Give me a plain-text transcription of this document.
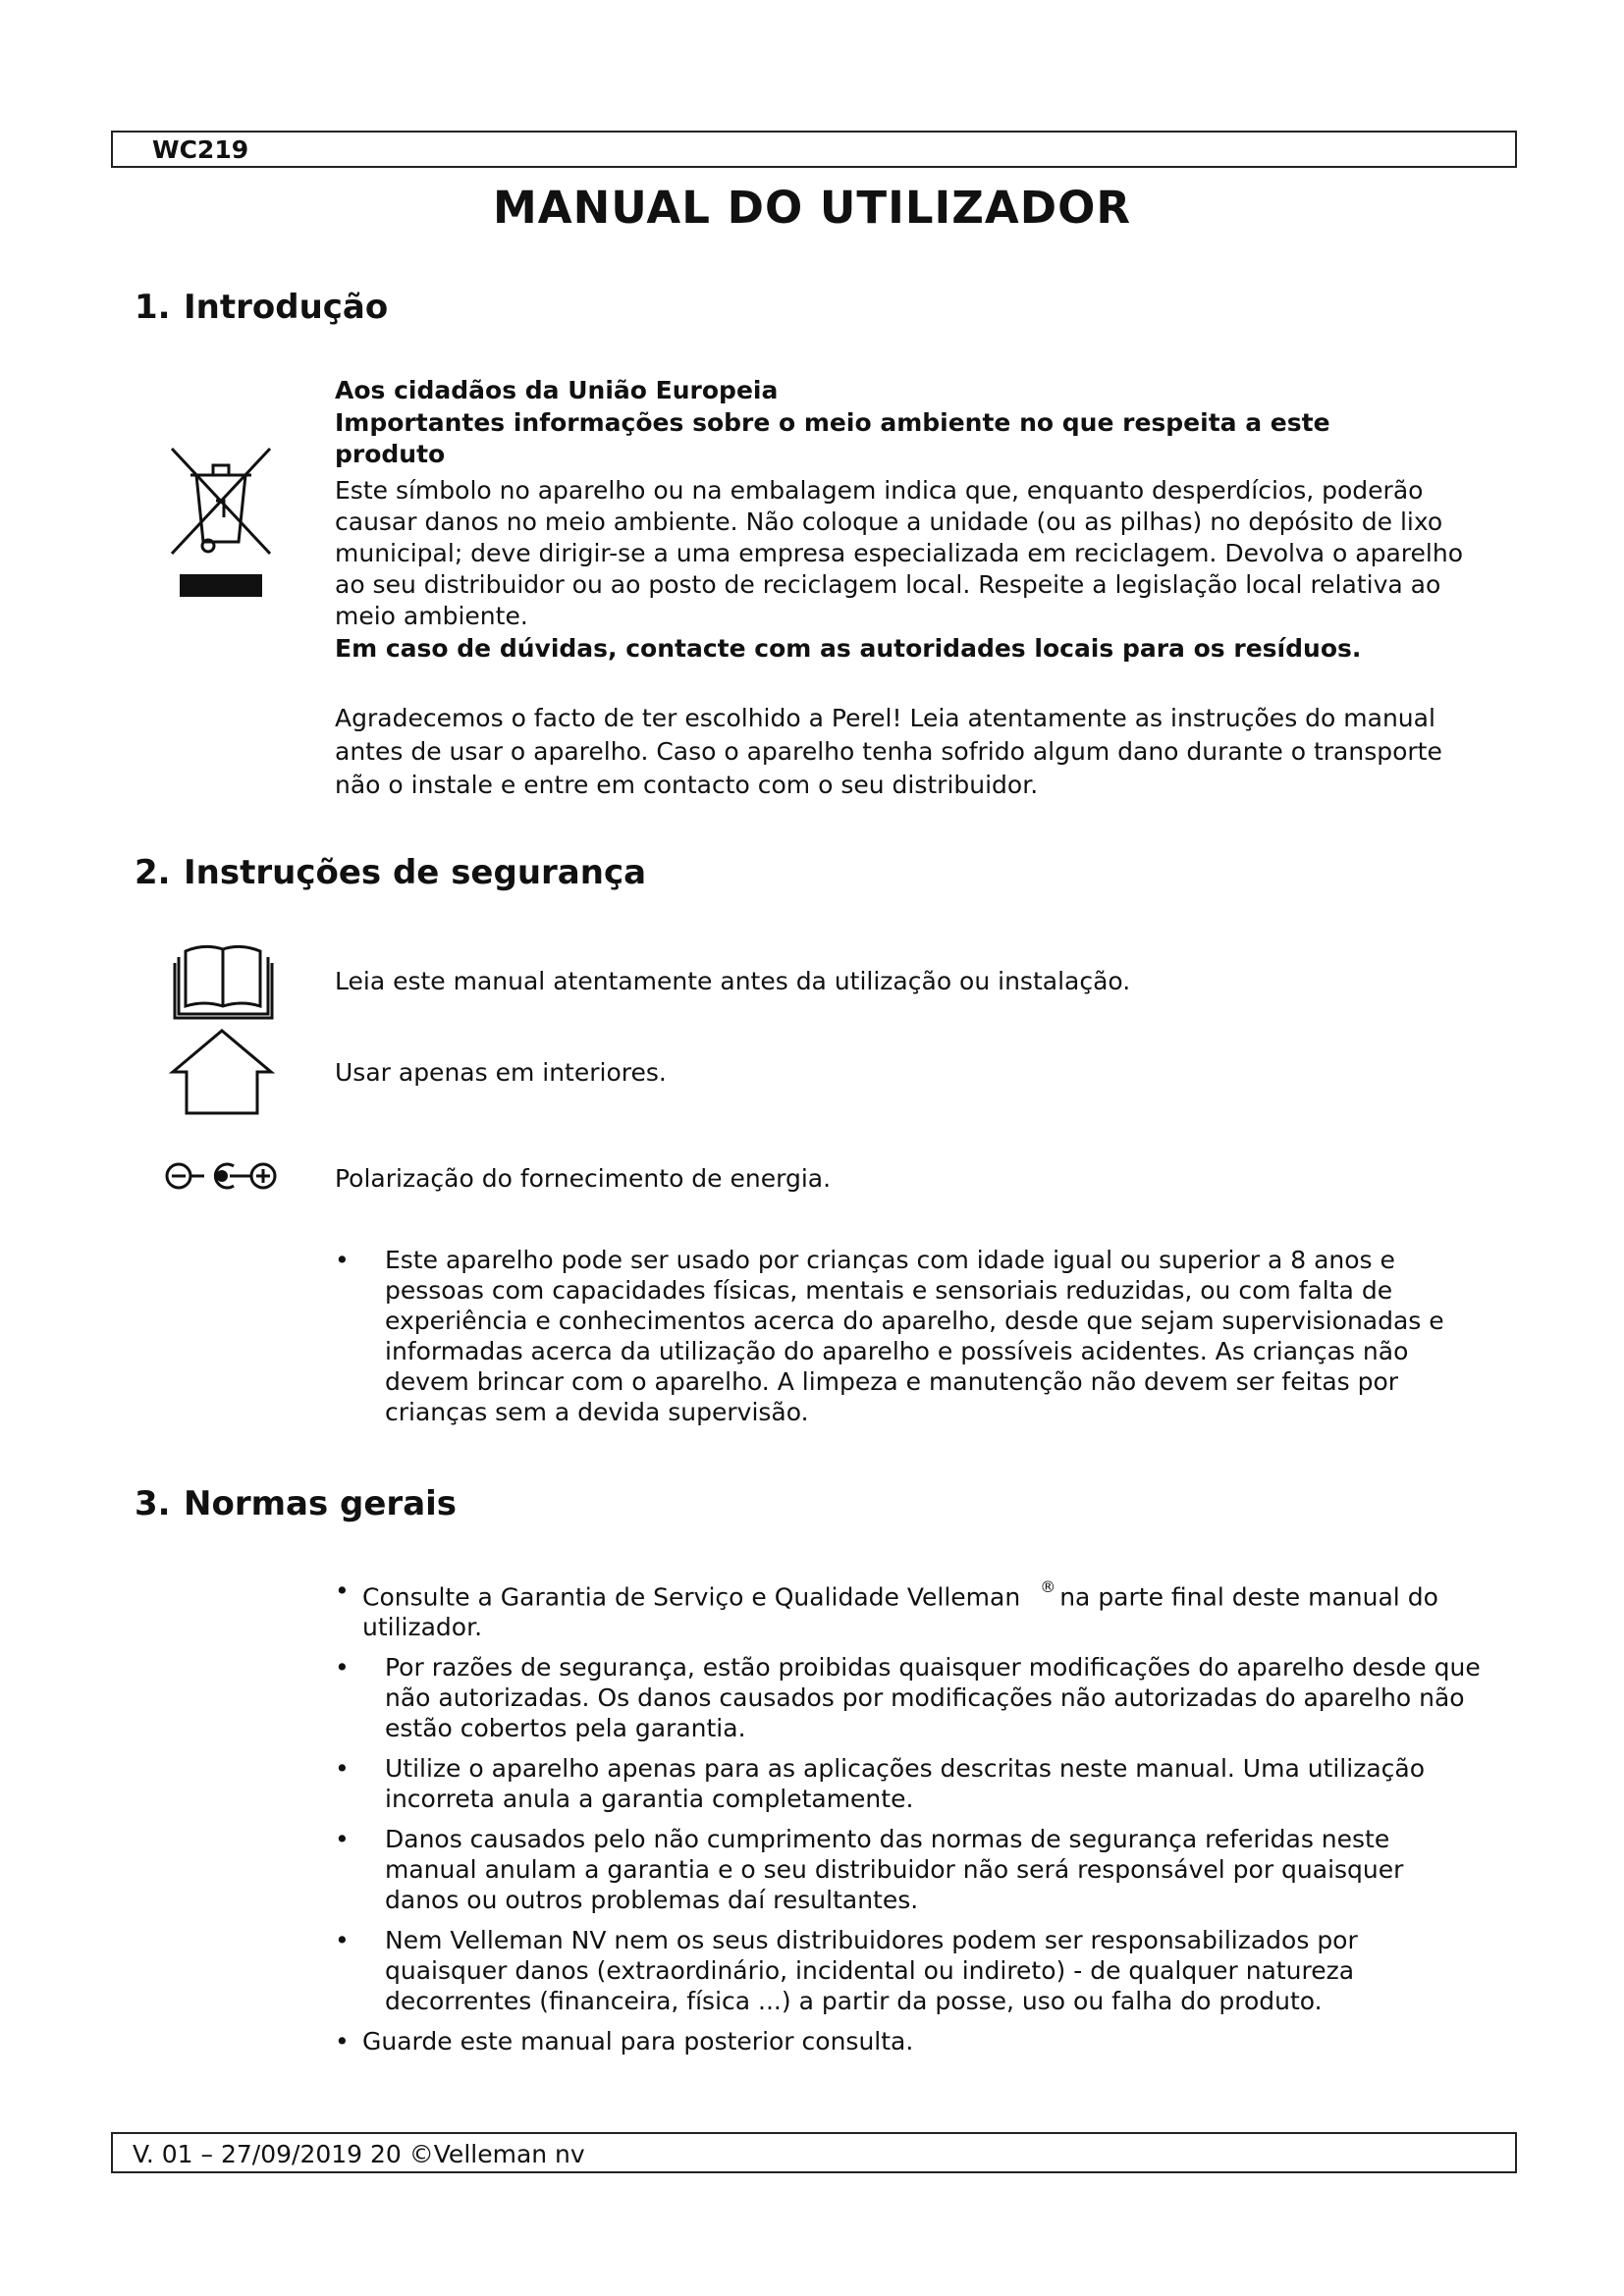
WC219
MANUAL DO UTILIZADOR
1. Introdução
Aos cidadãos da União Europeia
Importantes informações sobre o meio ambiente no que respeita a este produto
Este símbolo no aparelho ou na embalagem indica que, enquanto desperdícios, poderão causar danos no meio ambiente. Não coloque a unidade (ou as pilhas) no depósito de lixo municipal; deve dirigir-se a uma empresa especializada em reciclagem. Devolva o aparelho ao seu distribuidor ou ao posto de reciclagem local. Respeite a legislação local relativa ao meio ambiente.
Em caso de dúvidas, contacte com as autoridades locais para os resíduos.
Agradecemos o facto de ter escolhido a Perel! Leia atentamente as instruções do manual antes de usar o aparelho. Caso o aparelho tenha sofrido algum dano durante o transporte não o instale e entre em contacto com o seu distribuidor.
2. Instruções de segurança
Leia este manual atentamente antes da utilização ou instalação.
Usar apenas em interiores.
Polarização do fornecimento de energia.
• Este aparelho pode ser usado por crianças com idade igual ou superior a 8 anos e pessoas com capacidades físicas, mentais e sensoriais reduzidas, ou com falta de experiência e conhecimentos acerca do aparelho, desde que sejam supervisionadas e informadas acerca da utilização do aparelho e possíveis acidentes. As crianças não devem brincar com o aparelho. A limpeza e manutenção não devem ser feitas por crianças sem a devida supervisão.
3. Normas gerais
• Consulte a Garantia de Serviço e Qualidade Velleman ® na parte final deste manual do utilizador.
• Por razões de segurança, estão proibidas quaisquer modificações do aparelho desde que não autorizadas. Os danos causados por modificações não autorizadas do aparelho não estão cobertos pela garantia.
• Utilize o aparelho apenas para as aplicações descritas neste manual. Uma utilização incorreta anula a garantia completamente.
• Danos causados pelo não cumprimento das normas de segurança referidas neste manual anulam a garantia e o seu distribuidor não será responsável por quaisquer danos ou outros problemas daí resultantes.
• Nem Velleman NV nem os seus distribuidores podem ser responsabilizados por quaisquer danos (extraordinário, incidental ou indireto) - de qualquer natureza decorrentes (financeira, física ...) a partir da posse, uso ou falha do produto.
• Guarde este manual para posterior consulta.
V. 01 – 27/09/2019 20 ©Velleman nv
